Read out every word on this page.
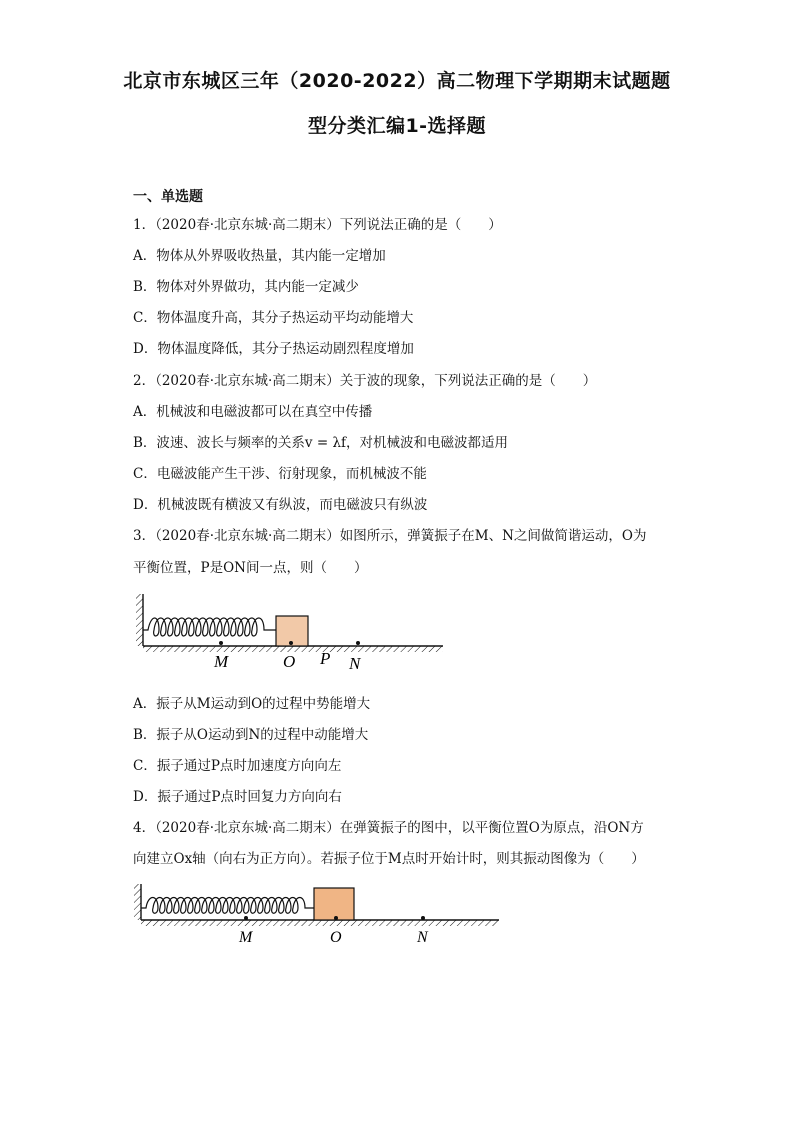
北京市东城区三年（2020-2022）高二物理下学期期末试题题
型分类汇编1-选择题
一、单选题
1．（2020春·北京东城·高二期末）下列说法正确的是（　　）
A．物体从外界吸收热量，其内能一定增加
B．物体对外界做功，其内能一定减少
C．物体温度升高，其分子热运动平均动能增大
D．物体温度降低，其分子热运动剧烈程度增加
2．（2020春·北京东城·高二期末）关于波的现象，下列说法正确的是（　　）
A．机械波和电磁波都可以在真空中传播
B．波速、波长与频率的关系v = λf，对机械波和电磁波都适用
C．电磁波能产生干涉、衍射现象，而机械波不能
D．机械波既有横波又有纵波，而电磁波只有纵波
3．（2020春·北京东城·高二期末）如图所示，弹簧振子在M、N之间做简谐运动，O为
平衡位置，P是ON间一点，则（　　）
M	O P N
A．振子从M运动到O的过程中势能增大
B．振子从O运动到N的过程中动能增大
C．振子通过P点时加速度方向向左
D．振子通过P点时回复力方向向右
4．（2020春·北京东城·高二期末）在弹簧振子的图中，以平衡位置O为原点，沿ON方
向建立Ox轴（向右为正方向）。若振子位于M点时开始计时，则其振动图像为（　　）
M	O	N
